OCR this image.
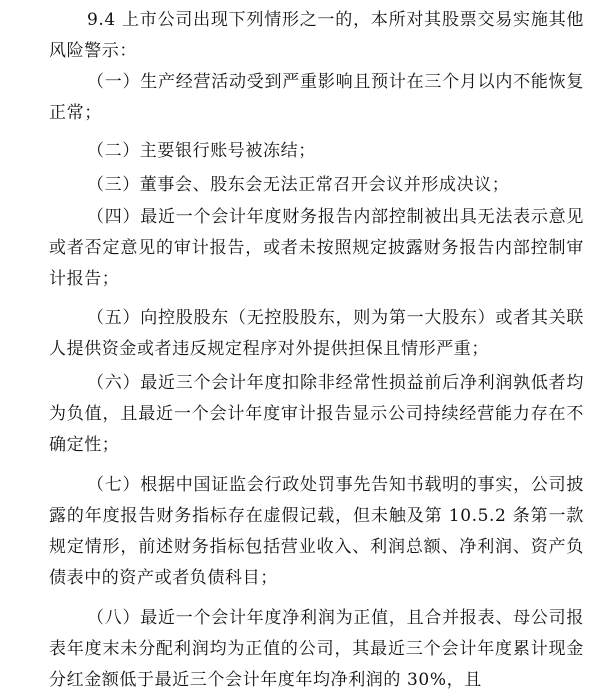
9.4 上市公司出现下列情形之一的，本所对其股票交易实施其他风险警示：

（一）生产经营活动受到严重影响且预计在三个月以内不能恢复正常；

（二）主要银行账号被冻结；

（三）董事会、股东会无法正常召开会议并形成决议；

（四）最近一个会计年度财务报告内部控制被出具无法表示意见或者否定意见的审计报告，或者未按照规定披露财务报告内部控制审计报告；

（五）向控股股东（无控股股东，则为第一大股东）或者其关联人提供资金或者违反规定程序对外提供担保且情形严重；

（六）最近三个会计年度扣除非经常性损益前后净利润孰低者均为负值，且最近一个会计年度审计报告显示公司持续经营能力存在不确定性；

（七）根据中国证监会行政处罚事先告知书载明的事实，公司披露的年度报告财务指标存在虚假记载，但未触及第 10.5.2 条第一款规定情形，前述财务指标包括营业收入、利润总额、净利润、资产负债表中的资产或者负债科目；

（八）最近一个会计年度净利润为正值，且合并报表、母公司报表年度末未分配利润均为正值的公司，其最近三个会计年度累计现金分红金额低于最近三个会计年度年均净利润的 30%，且
